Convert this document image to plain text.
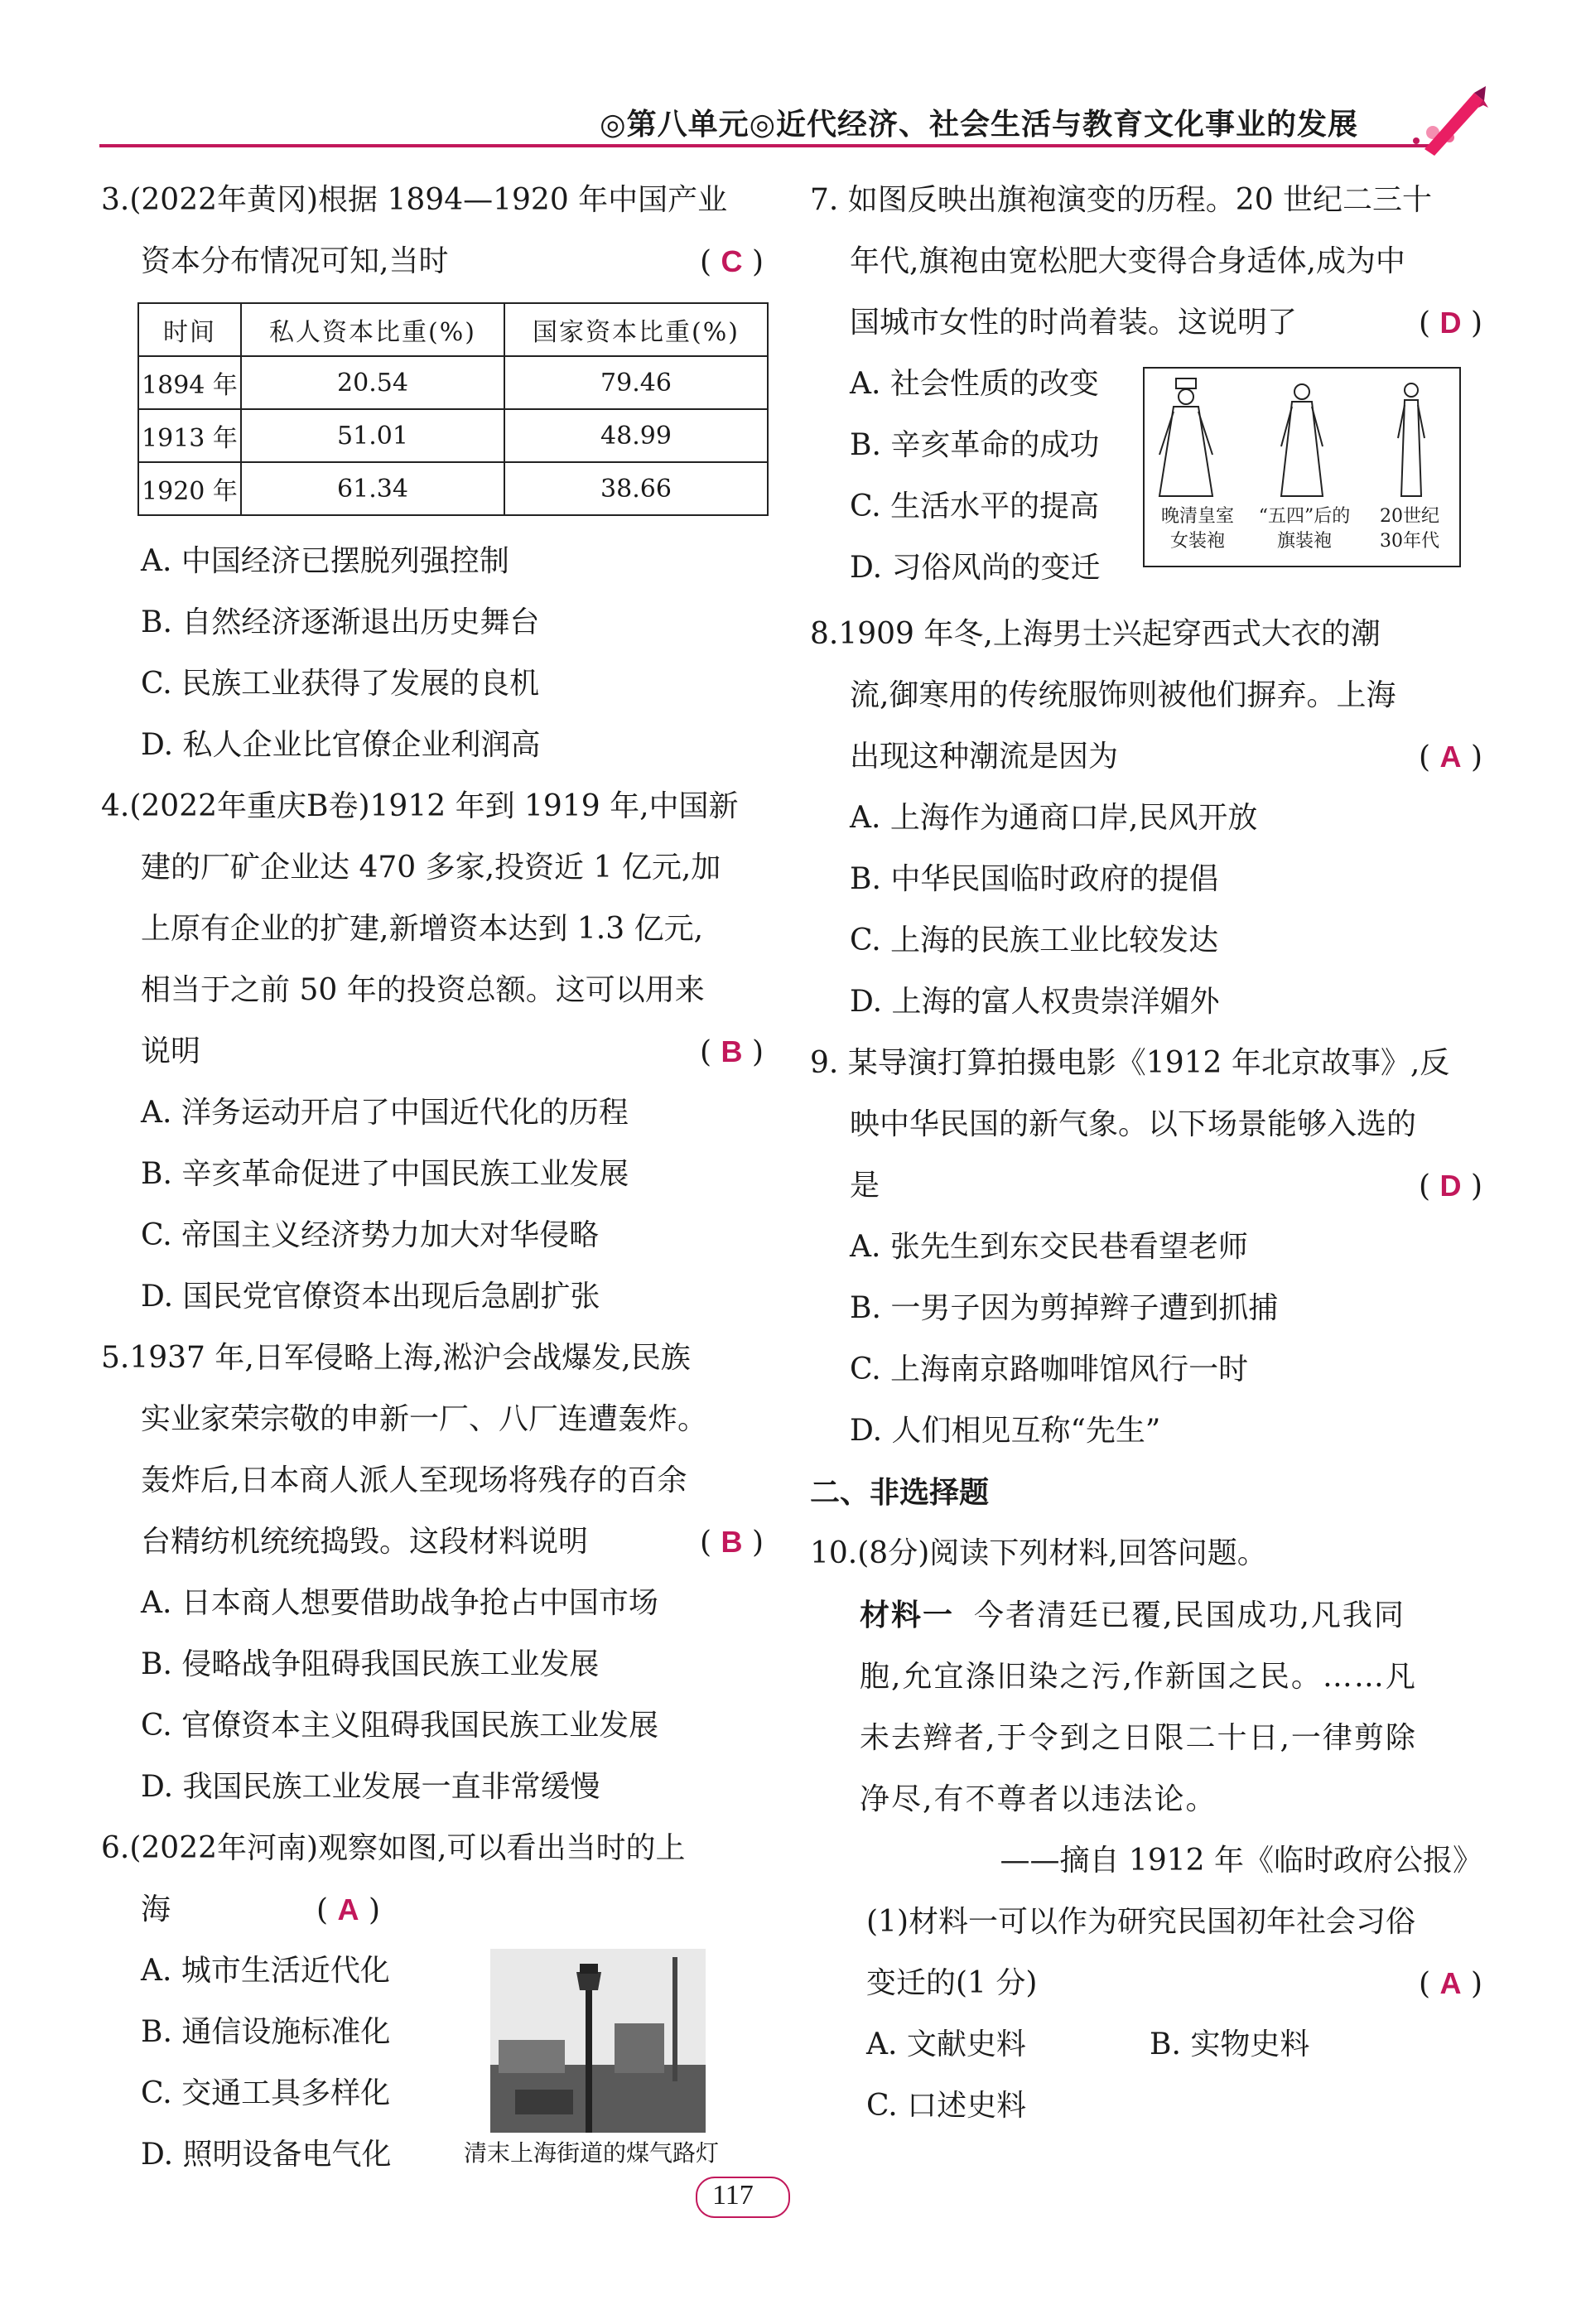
◎第八单元◎近代经济、社会生活与教育文化事业的发展
3.(2022年黄冈)根据 1894—1920 年中国产业
资本分布情况可知,当时	( C )
时间	私人资本比重(%)	国家资本比重(%)
1894 年	20.54	79.46
1913 年	51.01	48.99
1920 年	61.34	38.66
A. 中国经济已摆脱列强控制
B. 自然经济逐渐退出历史舞台
C. 民族工业获得了发展的良机
D. 私人企业比官僚企业利润高
4.(2022年重庆B卷)1912 年到 1919 年,中国新
建的厂矿企业达 470 多家,投资近 1 亿元,加
上原有企业的扩建,新增资本达到 1.3 亿元,
相当于之前 50 年的投资总额。这可以用来
说明	( B )
A. 洋务运动开启了中国近代化的历程
B. 辛亥革命促进了中国民族工业发展
C. 帝国主义经济势力加大对华侵略
D. 国民党官僚资本出现后急剧扩张
5.1937 年,日军侵略上海,淞沪会战爆发,民族
实业家荣宗敬的申新一厂、八厂连遭轰炸。
轰炸后,日本商人派人至现场将残存的百余
台精纺机统统捣毁。这段材料说明	( B )
A. 日本商人想要借助战争抢占中国市场
B. 侵略战争阻碍我国民族工业发展
C. 官僚资本主义阻碍我国民族工业发展
D. 我国民族工业发展一直非常缓慢
6.(2022年河南)观察如图,可以看出当时的上
海	( A )
A. 城市生活近代化
B. 通信设施标准化
C. 交通工具多样化
D. 照明设备电气化	清末上海街道的煤气路灯
7. 如图反映出旗袍演变的历程。20 世纪二三十
年代,旗袍由宽松肥大变得合身适体,成为中
国城市女性的时尚着装。这说明了	( D )
A. 社会性质的改变
B. 辛亥革命的成功
C. 生活水平的提高
D. 习俗风尚的变迁
晚清皇室
女装袍
“五四”后的
旗装袍
20世纪
30年代
8.1909 年冬,上海男士兴起穿西式大衣的潮
流,御寒用的传统服饰则被他们摒弃。上海
出现这种潮流是因为	( A )
A. 上海作为通商口岸,民风开放
B. 中华民国临时政府的提倡
C. 上海的民族工业比较发达
D. 上海的富人权贵崇洋媚外
9. 某导演打算拍摄电影《1912 年北京故事》,反
映中华民国的新气象。以下场景能够入选的
是	( D )
A. 张先生到东交民巷看望老师
B. 一男子因为剪掉辫子遭到抓捕
C. 上海南京路咖啡馆风行一时
D. 人们相见互称“先生”
二、非选择题
10.(8分)阅读下列材料,回答问题。
材料一 今者清廷已覆,民国成功,凡我同
胞,允宜涤旧染之污,作新国之民。……凡
未去辫者,于令到之日限二十日,一律剪除
净尽,有不尊者以违法论。
——摘自 1912 年《临时政府公报》
(1)材料一可以作为研究民国初年社会习俗
变迁的(1 分)	( A )
A. 文献史料	B. 实物史料
C. 口述史料
117
